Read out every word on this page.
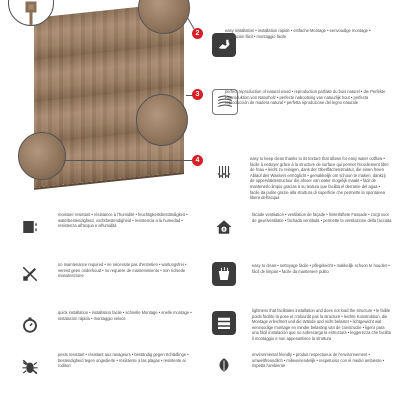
2
3
4
easy installation • installation rapide • einfache Montage • eenvoudige montage • instalación fácil • montaggio facile
perfect reproduction of natural wood • reproduction parfaite du bois naturel • die Perfekte Reproduktion von Naturholz • perfecte nabootsing van natuurlijk hout • perfecta reproducción de madera natural • perfetta riproduzione del legno naturale
easy to keep clean thanks to its texture that allows for easy water outflow • facile à nettoyer grâce à la structure de surface qui permet l'écoulement libre de l'eau • leicht zu reinigen, dank der Oberflächenstruktur, die einen freien Ablauf des Wassers ermöglicht • gemakkelijk om schoon te maken, dankzij de oppervlaktestructuur die afvoer van water mogelijk maakt • fácil de mantenerlo limpio gracias a su textura que facilita el derrame del agua • facile da pulire grazie alla struttura di superficie che permette la spontanea libera dell'acqua
facade ventilation • ventilation de façade • hinterlüftete Fassade • zorgt voor de gevelventilatie • fachada ventilada • permette la ventilazione della facciata
easy to clean • nettoyage facile • pflegeleicht • makkelijk schoon te houden • fácil de limpiar • facile da mantenere pulito
lightness that facilitates installation and does not load the structure • le faible poids facilite la pose et n'alourdit pas la structure • leichte Konstruktion, die Montage erleichtert und die Wände and nicht belastet • lichtgewicht wat eenvoudige montage en minder belasting van de constructie • ligero para una fácil instalación que no sobrecarga la estructura • leggerezza che facilita il montaggio e non appesantisce la struttura
environmental friendly • produit respectueux de l'environnement • umweltfreundlich • milieuvriendelijk • respetuoso con el medio ambiente • rispetta l'ambiente
moisture resistant • résistance à l'humidité • feuchtigkeitsbeständigkeit • waterbestendigheid, vochtbestendigheid • resistencia a la humedad • resistenza all'acqua e all'umidità
no maintenance required • ne nécessite pas d'entretien • wartungsfrei • vereist geen onderhoud • no requiere de mantenimiento • non richiede manutenzione
quick installation • installation facile • schnelle Montage • snelle montage • instalación rápida • montaggio veloce
pests resistant • résistant aux ravageurs • beständig gegen Schädlinge • bestendigheid tegen ongedierte • resistente a las plagas • resistente ai roditori
